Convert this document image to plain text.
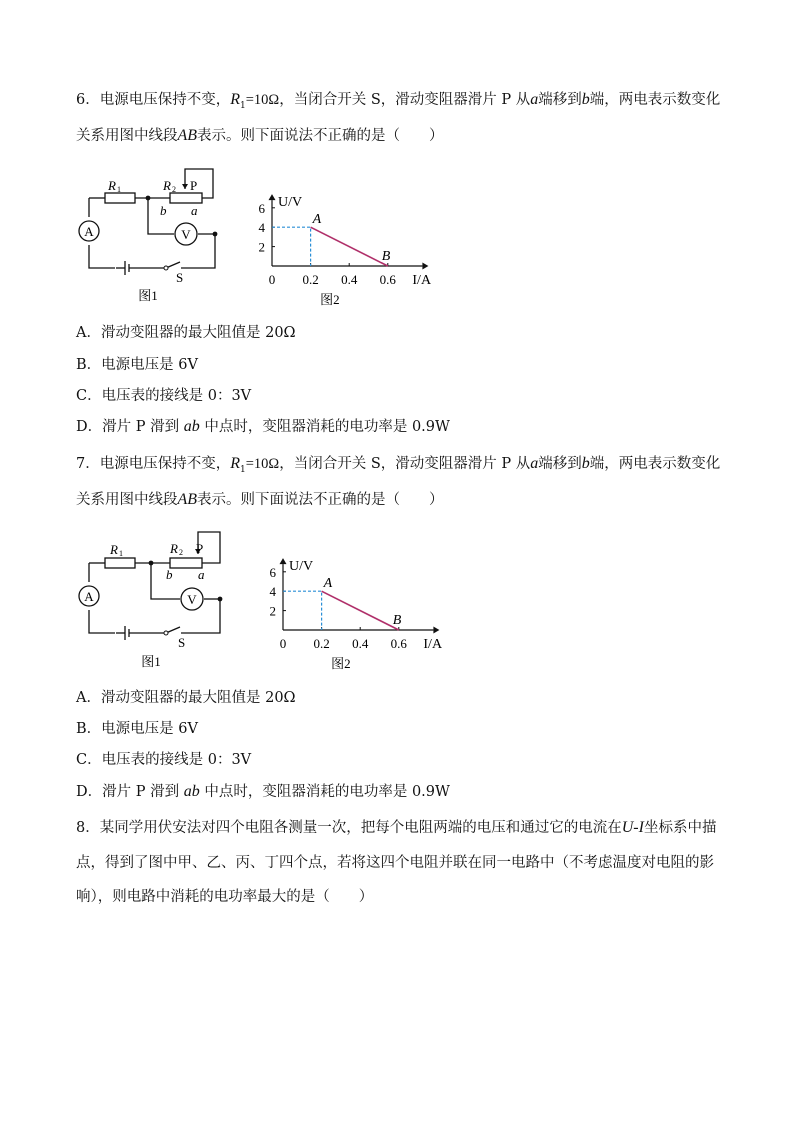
6．电源电压保持不变，$R_1=10\Omega$，当闭合开关 S，滑动变阻器滑片 P 从a端移到b端，两电表示数变化
关系用图中线段AB表示。则下面说法不正确的是（　　）
A	V
R 1	R 2 P
b a
S
图1
0 0.2 0.4 0.6
2
4
6
A
B
U/V
I/A
图2
A．滑动变阻器的最大阻值是 20Ω
B．电源电压是 6V
C．电压表的接线是 0：3V
D．滑片 P 滑到 ab 中点时，变阻器消耗的电功率是 0.9W
7．电源电压保持不变，$R_1=10\Omega$，当闭合开关 S，滑动变阻器滑片 P 从a端移到b端，两电表示数变化
关系用图中线段AB表示。则下面说法不正确的是（　　）
A	V
R 1	R 2 P
b a
S
图1
0 0.2 0.4 0.6
2
4
6
A
B
U/V
I/A
图2
A．滑动变阻器的最大阻值是 20Ω
B．电源电压是 6V
C．电压表的接线是 0：3V
D．滑片 P 滑到 ab 中点时，变阻器消耗的电功率是 0.9W
8．某同学用伏安法对四个电阻各测量一次，把每个电阻两端的电压和通过它的电流在U-I坐标系中描
点，得到了图中甲、乙、丙、丁四个点，若将这四个电阻并联在同一电路中（不考虑温度对电阻的影
响），则电路中消耗的电功率最大的是（　　）
